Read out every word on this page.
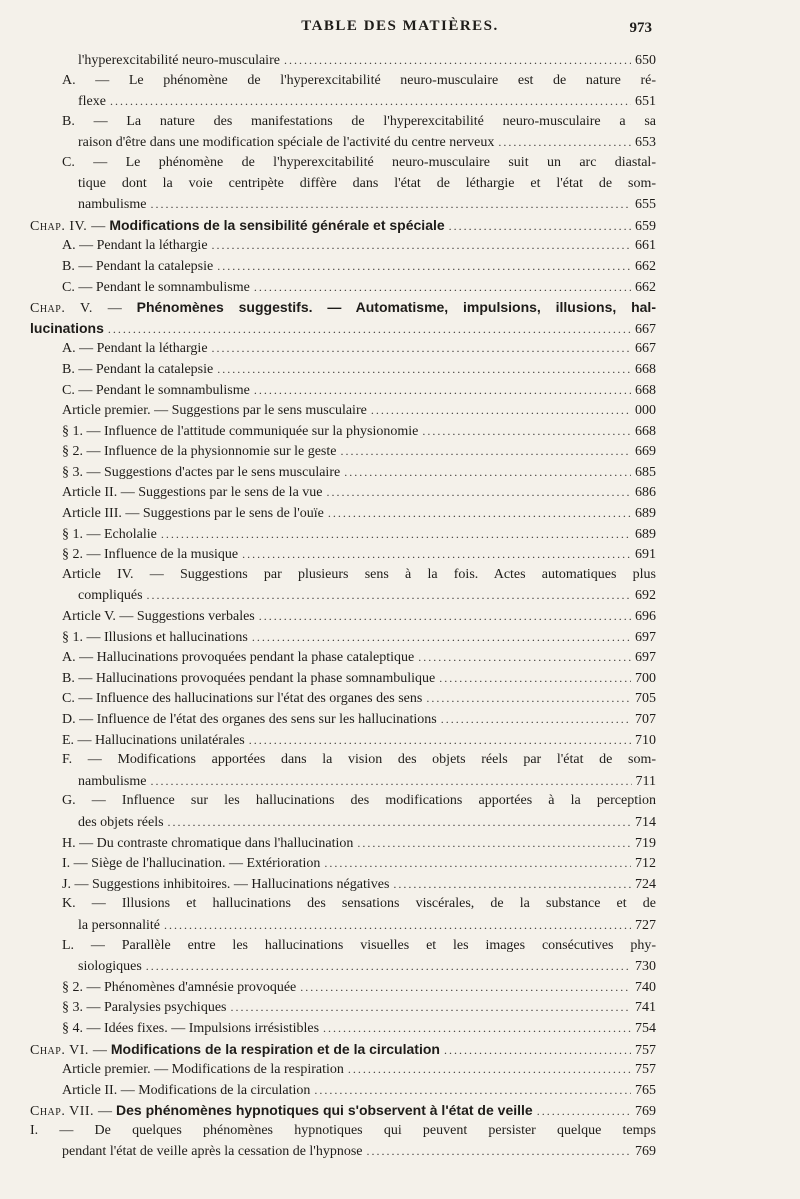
TABLE DES MATIÈRES.	973
l'hyperexcitabilité neuro-musculaire .....	650
A. — Le phénomène de l'hyperexcitabilité neuro-musculaire est de nature ré-
flexe .....	651
B. — La nature des manifestations de l'hyperexcitabilité neuro-musculaire a sa
raison d'être dans une modification spéciale de l'activité du centre nerveux .....	653
C. — Le phénomène de l'hyperexcitabilité neuro-musculaire suit un arc diastal-
tique dont la voie centripète diffère dans l'état de léthargie et l'état de som-
nambulisme .....	655
Chap. IV. — Modifications de la sensibilité générale et spéciale .....	659
A. — Pendant la léthargie .....	661
B. — Pendant la catalepsie .....	662
C. — Pendant le somnambulisme .....	662
Chap. V. — Phénomènes suggestifs. — Automatisme, impulsions, illusions, hal-
lucinations .....	667
A. — Pendant la léthargie .....	667
B. — Pendant la catalepsie .....	668
C. — Pendant le somnambulisme .....	668
Article premier. — Suggestions par le sens musculaire .....	000
§ 1. — Influence de l'attitude communiquée sur la physionomie .....	668
§ 2. — Influence de la physionnomie sur le geste .....	669
§ 3. — Suggestions d'actes par le sens musculaire .....	685
Article II. — Suggestions par le sens de la vue .....	686
Article III. — Suggestions par le sens de l'ouïe .....	689
§ 1. — Echolalie .....	689
§ 2. — Influence de la musique .....	691
Article IV. — Suggestions par plusieurs sens à la fois. Actes automatiques plus
compliqués .....	692
Article V. — Suggestions verbales .....	696
§ 1. — Illusions et hallucinations .....	697
A. — Hallucinations provoquées pendant la phase cataleptique .....	697
B. — Hallucinations provoquées pendant la phase somnambulique .....	700
C. — Influence des hallucinations sur l'état des organes des sens .....	705
D. — Influence de l'état des organes des sens sur les hallucinations .....	707
E. — Hallucinations unilatérales .....	710
F. — Modifications apportées dans la vision des objets réels par l'état de som-
nambulisme .....	711
G. — Influence sur les hallucinations des modifications apportées à la perception
des objets réels .....	714
H. — Du contraste chromatique dans l'hallucination .....	719
I. — Siège de l'hallucination. — Extérioration .....	712
J. — Suggestions inhibitoires. — Hallucinations négatives .....	724
K. — Illusions et hallucinations des sensations viscérales, de la substance et de
la personnalité .....	727
L. — Parallèle entre les hallucinations visuelles et les images consécutives phy-
siologiques .....	730
§ 2. — Phénomènes d'amnésie provoquée .....	740
§ 3. — Paralysies psychiques .....	741
§ 4. — Idées fixes. — Impulsions irrésistibles .....	754
Chap. VI. — Modifications de la respiration et de la circulation .....	757
Article premier. — Modifications de la respiration .....	757
Article II. — Modifications de la circulation .....	765
Chap. VII. — Des phénomènes hypnotiques qui s'observent à l'état de veille .....	769
I. — De quelques phénomènes hypnotiques qui peuvent persister quelque temps
pendant l'état de veille après la cessation de l'hypnose .....	769
